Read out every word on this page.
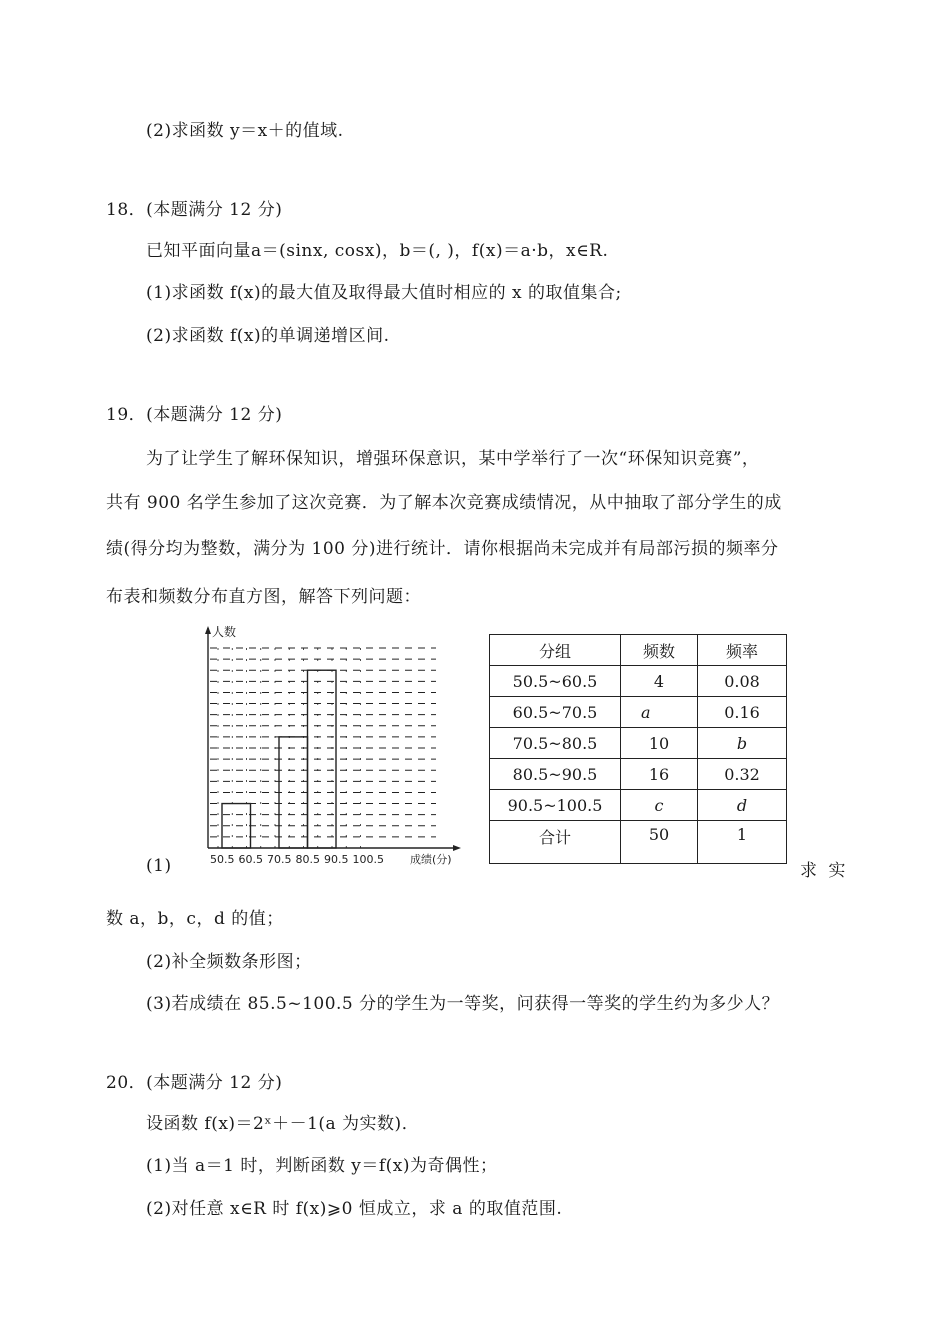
(2)求函数 y＝x＋的值域.
18．(本题满分 12 分)
已知平面向量a＝(sinx, cosx)，b＝(, )，f(x)＝a·b，x∈R.
(1)求函数 f(x)的最大值及取得最大值时相应的 x 的取值集合;
(2)求函数 f(x)的单调递增区间.
19．(本题满分 12 分)
为了让学生了解环保知识，增强环保意识，某中学举行了一次“环保知识竞赛”，
共有 900 名学生参加了这次竞赛．为了解本次竞赛成绩情况，从中抽取了部分学生的成
绩(得分均为整数，满分为 100 分)进行统计．请你根据尚未完成并有局部污损的频率分
布表和频数分布直方图，解答下列问题：
人数
50.5 60.5 70.5 80.5 90.5 100.5 成绩(分)
分组	频数	频率
50.5~60.5	4	0.08
60.5~70.5	a	0.16
70.5~80.5	10	b
80.5~90.5	16	0.32
90.5~100.5	c	d
合计	50	1
(1)	求 实
数 a，b，c，d 的值；
(2)补全频数条形图；
(3)若成绩在 85.5~100.5 分的学生为一等奖，问获得一等奖的学生约为多少人？
20．(本题满分 12 分)
设函数 f(x)＝2ˣ＋－1(a 为实数)．
(1)当 a＝1 时，判断函数 y＝f(x)为奇偶性；
(2)对任意 x∈R 时 f(x)⩾0 恒成立，求 a 的取值范围.
